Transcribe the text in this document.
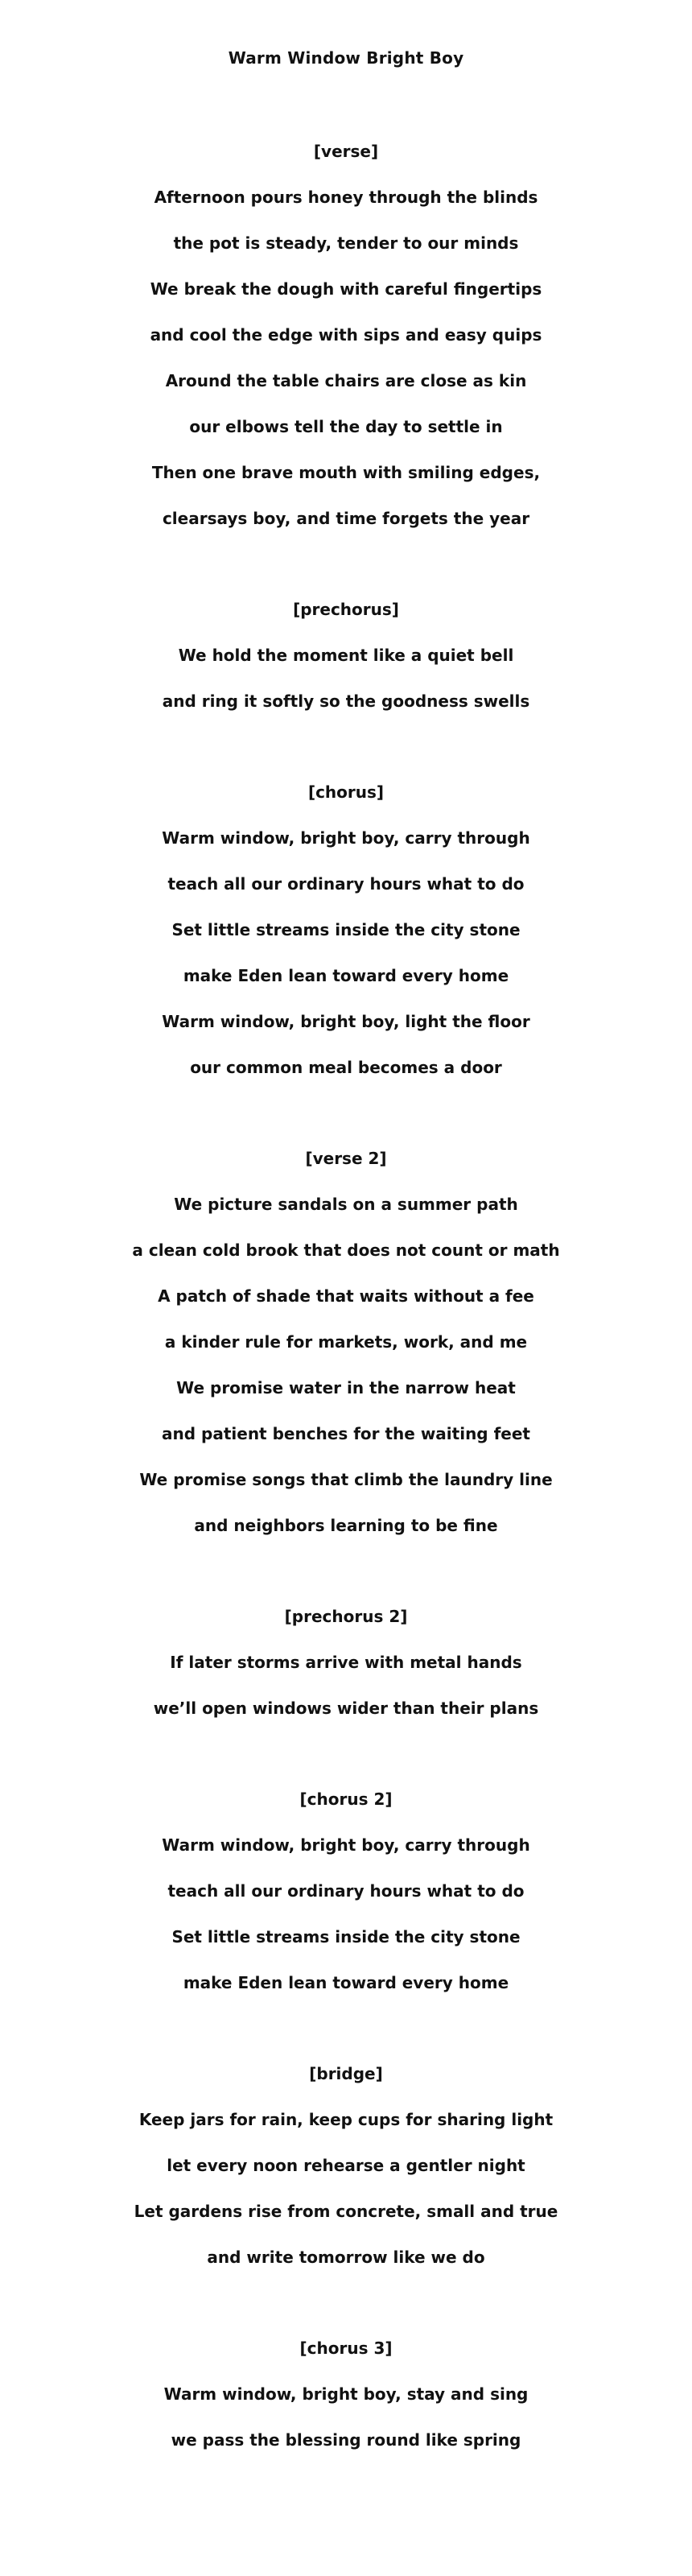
Warm Window Bright Boy

[verse]

Afternoon pours honey through the blinds

the pot is steady, tender to our minds

We break the dough with careful fingertips

and cool the edge with sips and easy quips

Around the table chairs are close as kin

our elbows tell the day to settle in

Then one brave mouth with smiling edges,

clearsays boy, and time forgets the year

[prechorus]

We hold the moment like a quiet bell

and ring it softly so the goodness swells

[chorus]

Warm window, bright boy, carry through

teach all our ordinary hours what to do

Set little streams inside the city stone

make Eden lean toward every home

Warm window, bright boy, light the floor

our common meal becomes a door

[verse 2]

We picture sandals on a summer path

a clean cold brook that does not count or math

A patch of shade that waits without a fee

a kinder rule for markets, work, and me

We promise water in the narrow heat

and patient benches for the waiting feet

We promise songs that climb the laundry line

and neighbors learning to be fine

[prechorus 2]

If later storms arrive with metal hands

we’ll open windows wider than their plans

[chorus 2]

Warm window, bright boy, carry through

teach all our ordinary hours what to do

Set little streams inside the city stone

make Eden lean toward every home

[bridge]

Keep jars for rain, keep cups for sharing light

let every noon rehearse a gentler night

Let gardens rise from concrete, small and true

and write tomorrow like we do

[chorus 3]

Warm window, bright boy, stay and sing

we pass the blessing round like spring
